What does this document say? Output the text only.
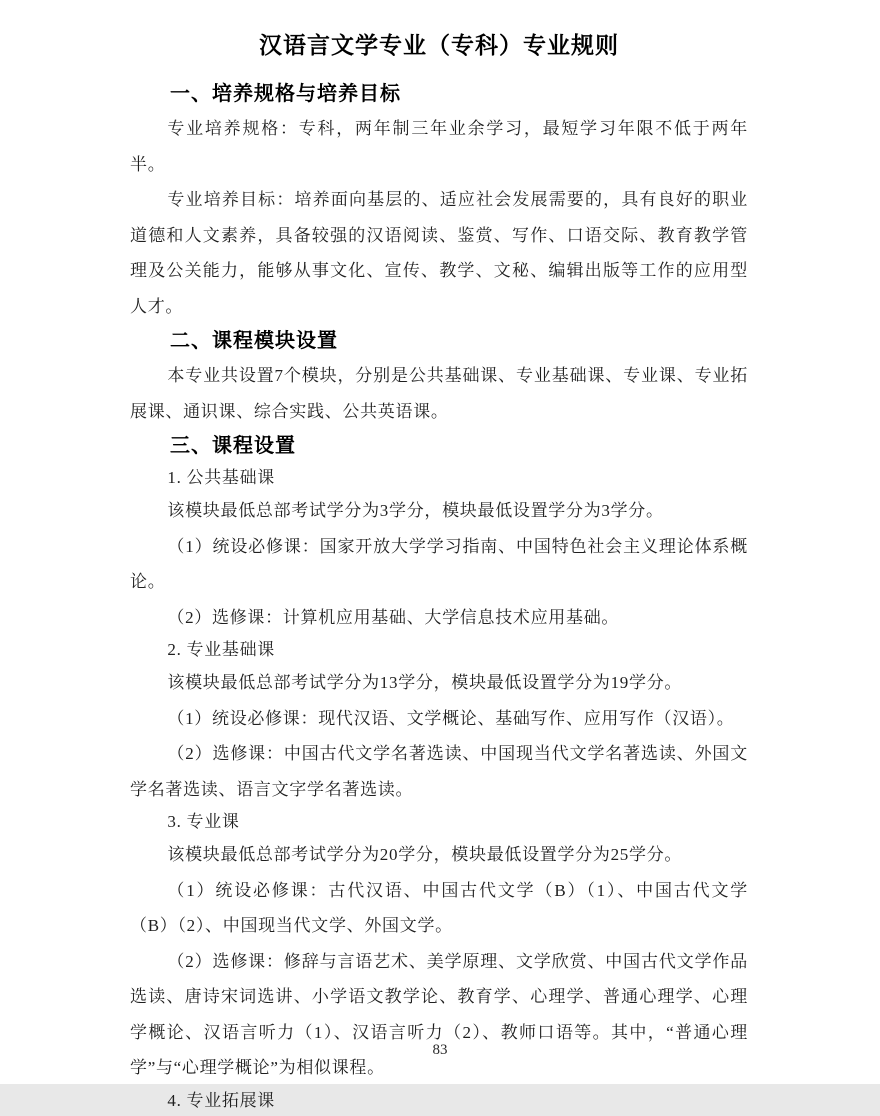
汉语言文学专业（专科）专业规则
一、培养规格与培养目标

专业培养规格：专科，两年制三年业余学习，最短学习年限不低于两年半。

专业培养目标：培养面向基层的、适应社会发展需要的，具有良好的职业道德和人文素养，具备较强的汉语阅读、鉴赏、写作、口语交际、教育教学管理及公关能力，能够从事文化、宣传、教学、文秘、编辑出版等工作的应用型人才。

二、课程模块设置

本专业共设置7个模块，分别是公共基础课、专业基础课、专业课、专业拓展课、通识课、综合实践、公共英语课。

三、课程设置

1. 公共基础课

该模块最低总部考试学分为3学分，模块最低设置学分为3学分。

（1）统设必修课：国家开放大学学习指南、中国特色社会主义理论体系概论。

（2）选修课：计算机应用基础、大学信息技术应用基础。

2. 专业基础课

该模块最低总部考试学分为13学分，模块最低设置学分为19学分。

（1）统设必修课：现代汉语、文学概论、基础写作、应用写作（汉语）。

（2）选修课：中国古代文学名著选读、中国现当代文学名著选读、外国文学名著选读、语言文字学名著选读。

3. 专业课

该模块最低总部考试学分为20学分，模块最低设置学分为25学分。

（1）统设必修课：古代汉语、中国古代文学（B）（1）、中国古代文学（B）（2）、中国现当代文学、外国文学。

（2）选修课：修辞与言语艺术、美学原理、文学欣赏、中国古代文学作品选读、唐诗宋词选讲、小学语文教学论、教育学、心理学、普通心理学、心理学概论、汉语言听力（1）、汉语言听力（2）、教师口语等。其中，“普通心理学”与“心理学概论”为相似课程。

4. 专业拓展课

83
